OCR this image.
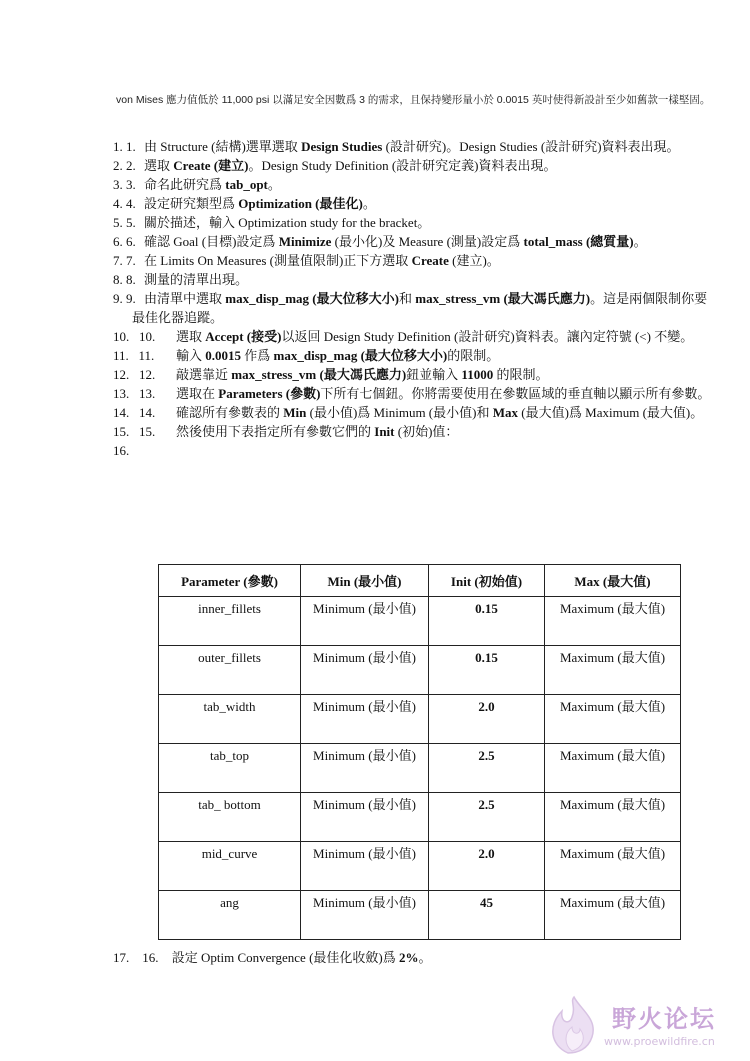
von Mises 應力值低於 11,000 psi 以滿足安全因數爲 3 的需求，且保持變形量小於 0.0015 英吋使得新設計至少如舊款一樣堅固。
1. 1. 由 Structure (結構)選單選取 Design Studies (設計研究)。Design Studies (設計研究)資料表出現。
2. 2. 選取 Create (建立)。Design Study Definition (設計研究定義)資料表出現。
3. 3. 命名此研究爲 tab_opt。
4. 4. 設定研究類型爲 Optimization (最佳化)。
5. 5. 關於描述，輸入 Optimization study for the bracket。
6. 6. 確認 Goal (目標)設定爲 Minimize (最小化)及 Measure (測量)設定爲 total_mass (總質量)。
7. 7. 在 Limits On Measures (測量值限制)正下方選取 Create (建立)。
8. 8. 測量的清單出現。
9. 9. 由清單中選取 max_disp_mag (最大位移大小)和 max_stress_vm (最大馮氏應力)。這是兩個限制你要最佳化器追蹤。
10.   10.	選取 Accept (接受)以返回 Design Study Definition (設計研究)資料表。讓內定符號 (<) 不變。
11.   11.	輸入 0.0015 作爲 max_disp_mag (最大位移大小)的限制。
12.   12.	敲選靠近 max_stress_vm (最大馮氏應力)鈕並輸入 11000 的限制。
13.   13.	選取在 Parameters (參數)下所有七個鈕。你將需要使用在參數區域的垂直軸以顯示所有參數。
14.   14.	確認所有參數表的 Min (最小值)爲 Minimum (最小值)和 Max (最大值)爲 Maximum (最大值)。
15.   15.	然後使用下表指定所有參數它們的 Init (初始)值：
16.
Parameter (參數)	Min (最小值)	Init (初始值)	Max (最大值)
inner_fillets	Minimum (最小值)	0.15	Maximum (最大值)
outer_fillets	Minimum (最小值)	0.15	Maximum (最大值)
tab_width	Minimum (最小值)	2.0	Maximum (最大值)
tab_top	Minimum (最小值)	2.5	Maximum (最大值)
tab_ bottom	Minimum (最小值)	2.5	Maximum (最大值)
mid_curve	Minimum (最小值)	2.0	Maximum (最大值)
ang	Minimum (最小值)	45	Maximum (最大值)
17.    16. 設定 Optim Convergence (最佳化收斂)爲 2%。
野火论坛
www.proewildfire.cn
